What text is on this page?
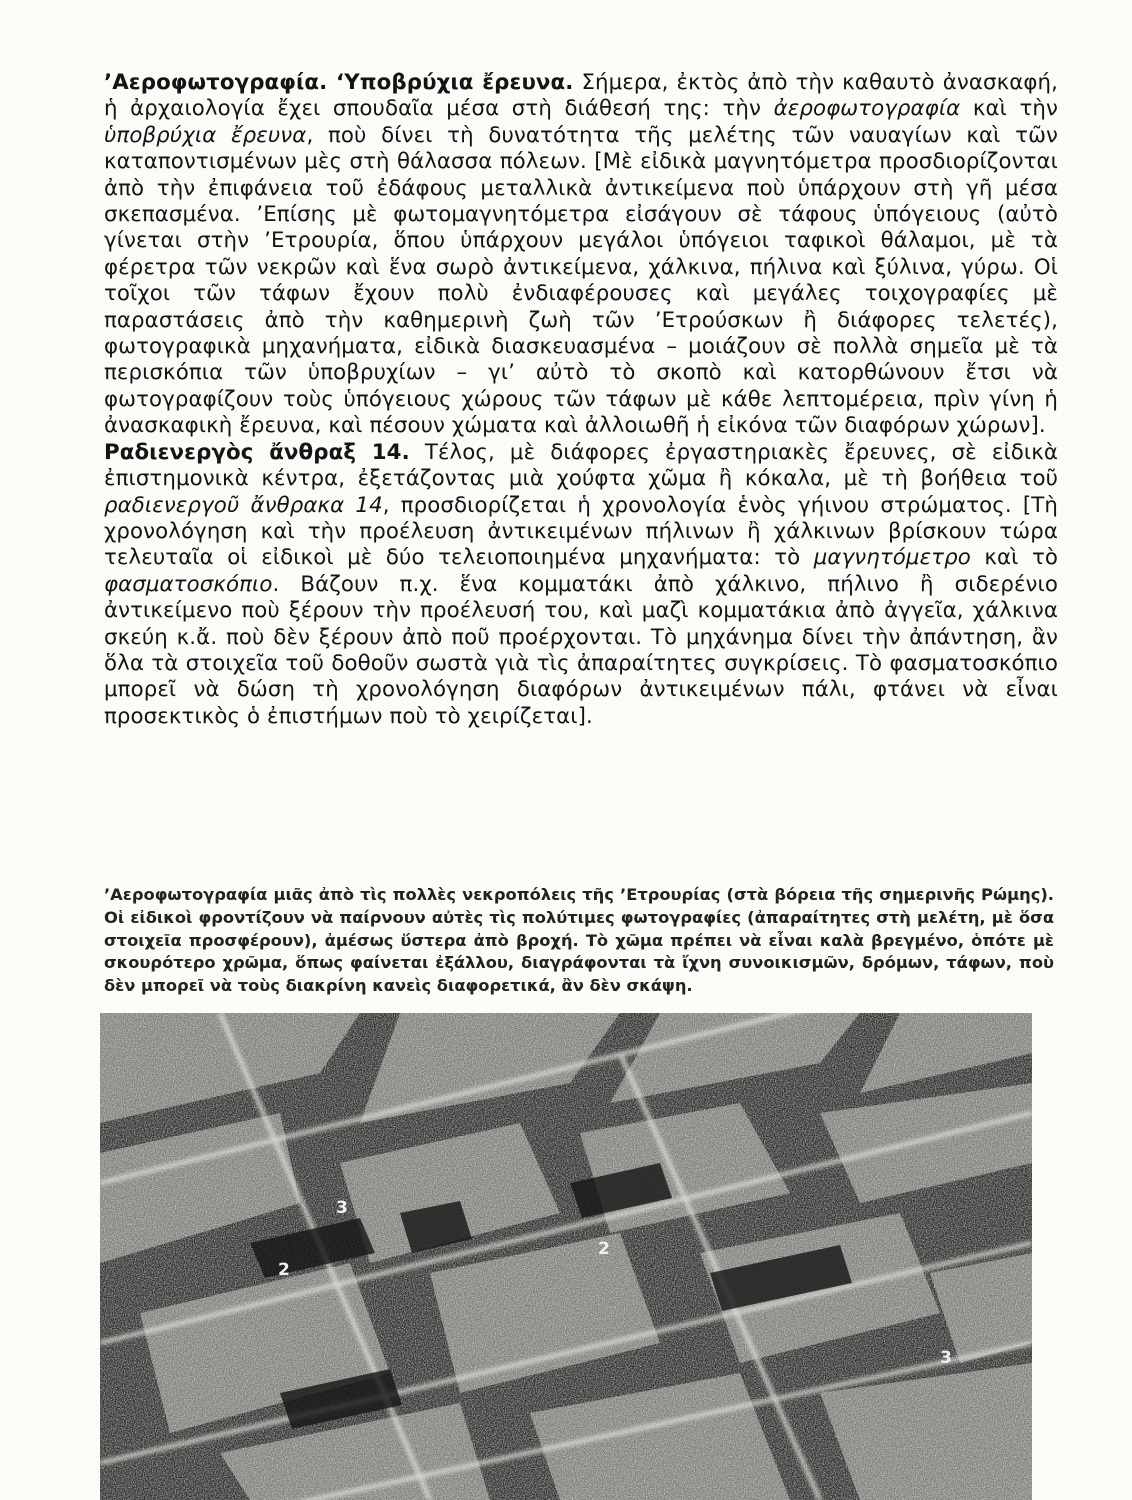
’Αεροφωτογραφία. ‘Υποβρύχια ἔρευνα. Σήμερα, ἐκτὸς ἀπὸ τὴν καθαυτὸ ἀνασκαφή, ἡ ἀρχαιολογία ἔχει σπουδαῖα μέσα στὴ διάθεσή της: τὴν ἀεροφωτογραφία καὶ τὴν ὑποβρύχια ἔρευνα, ποὺ δίνει τὴ δυνατότητα τῆς μελέτης τῶν ναυαγίων καὶ τῶν καταποντισμένων μὲς στὴ θάλασσα πόλεων. [Μὲ εἰδικὰ μαγνητόμετρα προσδιορίζονται ἀπὸ τὴν ἐπιφάνεια τοῦ ἐδάφους μεταλλικὰ ἀντικείμενα ποὺ ὑπάρχουν στὴ γῆ μέσα σκεπασμένα. ’Επίσης μὲ φωτομαγνητόμετρα εἰσάγουν σὲ τάφους ὑπόγειους (αὐτὸ γίνεται στὴν ’Ετρουρία, ὅπου ὑπάρχουν μεγάλοι ὑπόγειοι ταφικοὶ θάλαμοι, μὲ τὰ φέρετρα τῶν νεκρῶν καὶ ἕνα σωρὸ ἀντικείμενα, χάλκινα, πήλινα καὶ ξύλινα, γύρω. Οἱ τοῖχοι τῶν τάφων ἔχουν πολὺ ἐνδιαφέρουσες καὶ μεγάλες τοιχογραφίες μὲ παραστάσεις ἀπὸ τὴν καθημερινὴ ζωὴ τῶν ’Ετρούσκων ἢ διάφορες τελετές), φωτογραφικὰ μηχανήματα, εἰδικὰ διασκευασμένα – μοιάζουν σὲ πολλὰ σημεῖα μὲ τὰ περισκόπια τῶν ὑποβρυχίων – γι’ αὐτὸ τὸ σκοπὸ καὶ κατορθώνουν ἔτσι νὰ φωτογραφίζουν τοὺς ὑπόγειους χώρους τῶν τάφων μὲ κάθε λεπτομέρεια, πρὶν γίνη ἡ ἀνασκαφικὴ ἔρευνα, καὶ πέσουν χώματα καὶ ἀλλοιωθῆ ἡ εἰκόνα τῶν διαφόρων χώρων].

Ραδιενεργὸς ἄνθραξ 14. Τέλος, μὲ διάφορες ἐργαστηριακὲς ἔρευνες, σὲ εἰδικὰ ἐπιστημονικὰ κέντρα, ἐξετάζοντας μιὰ χούφτα χῶμα ἢ κόκαλα, μὲ τὴ βοήθεια τοῦ ραδιενεργοῦ ἄνθρακα 14, προσδιορίζεται ἡ χρονολογία ἑνὸς γήινου στρώματος. [Τὴ χρονολόγηση καὶ τὴν προέλευση ἀντικειμένων πήλινων ἢ χάλκινων βρίσκουν τώρα τελευταῖα οἱ εἰδικοὶ μὲ δύο τελειοποιημένα μηχανήματα: τὸ μαγνητόμετρο καὶ τὸ φασματοσκόπιο. Βάζουν π.χ. ἕνα κομματάκι ἀπὸ χάλκινο, πήλινο ἢ σιδερένιο ἀντικείμενο ποὺ ξέρουν τὴν προέλευσή του, καὶ μαζὶ κομματάκια ἀπὸ ἀγγεῖα, χάλκινα σκεύη κ.ἄ. ποὺ δὲν ξέρουν ἀπὸ ποῦ προέρχονται. Τὸ μηχάνημα δίνει τὴν ἀπάντηση, ἂν ὅλα τὰ στοιχεῖα τοῦ δοθοῦν σωστὰ γιὰ τὶς ἀπαραίτητες συγκρίσεις. Τὸ φασματοσκόπιο μπορεῖ νὰ δώση τὴ χρονολόγηση διαφόρων ἀντικειμένων πάλι, φτάνει νὰ εἶναι προσεκτικὸς ὁ ἐπιστήμων ποὺ τὸ χειρίζεται].

’Αεροφωτογραφία μιᾶς ἀπὸ τὶς πολλὲς νεκροπόλεις τῆς ’Ετρουρίας (στὰ βόρεια τῆς σημερινῆς Ρώμης). Οἱ εἰδικοὶ φροντίζουν νὰ παίρνουν αὐτὲς τὶς πολύτιμες φωτογραφίες (ἀπαραίτητες στὴ μελέτη, μὲ ὅσα στοιχεῖα προσφέρουν), ἀμέσως ὕστερα ἀπὸ βροχή. Τὸ χῶμα πρέπει νὰ εἶναι καλὰ βρεγμένο, ὁπότε μὲ σκουρότερο χρῶμα, ὅπως φαίνεται ἐξάλλου, διαγράφονται τὰ ἴχνη συνοικισμῶν, δρόμων, τάφων, ποὺ δὲν μπορεῖ νὰ τοὺς διακρίνη κανεὶς διαφορετικά, ἂν δὲν σκάψη.
3
2
2
3
